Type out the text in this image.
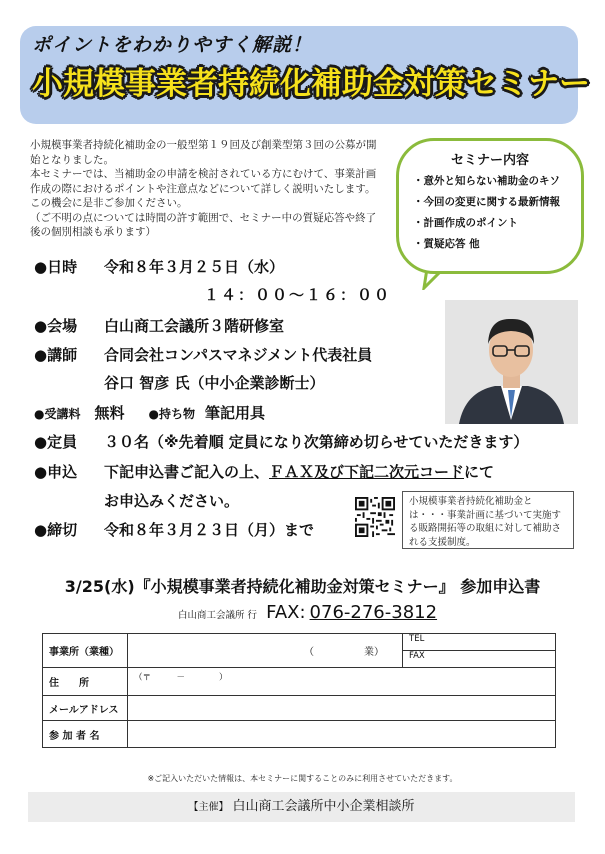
ポイントをわかりやすく解説！
小規模事業者持続化補助金対策セミナー

小規模事業者持続化補助金の一般型第１９回及び創業型第３回の公募が開始となりました。

本セミナーでは、当補助金の申請を検討されている方にむけて、事業計画作成の際におけるポイントや注意点などについて詳しく説明いたします。この機会に是非ご参加ください。

（ご不明の点については時間の許す範囲で、セミナー中の質疑応答や終了後の個別相談も承ります）

セミナー内容
・意外と知らない補助金のキソ
・今回の変更に関する最新情報
・計画作成のポイント
・質疑応答 他
●日時 令和８年３月２５日（水）
１４：００〜１６：００
●会場 白山商工会議所３階研修室
●講師 合同会社コンパスマネジメント代表社員
谷口 智彦 氏（中小企業診断士）
●受講料 無料 ●持ち物 筆記用具
●定員 ３０名（※先着順 定員になり次第締め切らせていただきます）
●申込 下記申込書ご記入の上、ＦＡＸ及び下記二次元コードにて
お申込みください。
●締切 令和８年３月２３日（月）まで
小規模事業者持続化補助金とは・・・事業計画に基づいて実施する販路開拓等の取組に対して補助される支援制度。
3/25(水)『小規模事業者持続化補助金対策セミナー』 参加申込書
白山商工会議所 行 FAX: 076-276-3812
事業所（業種）	（　　　　　業）	TEL
		FAX
住　　所	（〒　　　－　　　　）	
メールアドレス		
参 加 者 名		
※ご記入いただいた情報は、本セミナーに関することのみに利用させていただきます。
【主催】 白山商工会議所中小企業相談所
